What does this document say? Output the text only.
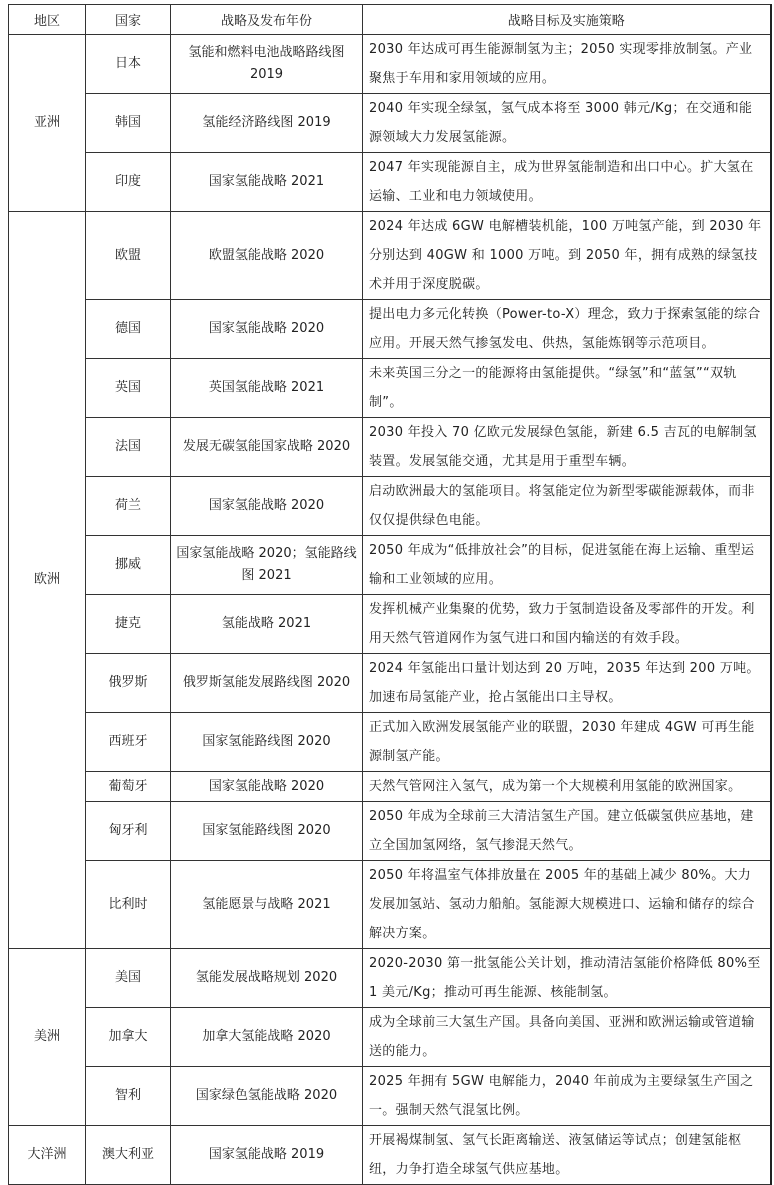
地区	国家	战略及发布年份	战略目标及实施策略
亚洲	日本	氢能和燃料电池战略路线图 2019	2030 年达成可再生能源制氢为主；2050 实现零排放制氢。产业聚焦于车用和家用领域的应用。
	韩国	氢能经济路线图 2019	2040 年实现全绿氢，氢气成本将至 3000 韩元/Kg；在交通和能源领域大力发展氢能源。
	印度	国家氢能战略 2021	2047 年实现能源自主，成为世界氢能制造和出口中心。扩大氢在运输、工业和电力领域使用。
欧洲	欧盟	欧盟氢能战略 2020	2024 年达成 6GW 电解槽装机能，100 万吨氢产能，到 2030 年分别达到 40GW 和 1000 万吨。到 2050 年，拥有成熟的绿氢技术并用于深度脱碳。
	德国	国家氢能战略 2020	提出电力多元化转换（Power-to-X）理念，致力于探索氢能的综合应用。开展天然气掺氢发电、供热，氢能炼钢等示范项目。
	英国	英国氢能战略 2021	未来英国三分之一的能源将由氢能提供。“绿氢”和“蓝氢”“双轨制”。
	法国	发展无碳氢能国家战略 2020	2030 年投入 70 亿欧元发展绿色氢能，新建 6.5 吉瓦的电解制氢装置。发展氢能交通，尤其是用于重型车辆。
	荷兰	国家氢能战略 2020	启动欧洲最大的氢能项目。将氢能定位为新型零碳能源载体，而非仅仅提供绿色电能。
	挪威	国家氢能战略 2020；氢能路线图 2021	2050 年成为“低排放社会”的目标，促进氢能在海上运输、重型运输和工业领域的应用。
	捷克	氢能战略 2021	发挥机械产业集聚的优势，致力于氢制造设备及零部件的开发。利用天然气管道网作为氢气进口和国内输送的有效手段。
	俄罗斯	俄罗斯氢能发展路线图 2020	2024 年氢能出口量计划达到 20 万吨，2035 年达到 200 万吨。加速布局氢能产业，抢占氢能出口主导权。
	西班牙	国家氢能路线图 2020	正式加入欧洲发展氢能产业的联盟，2030 年建成 4GW 可再生能源制氢产能。
	葡萄牙	国家氢能战略 2020	天然气管网注入氢气，成为第一个大规模利用氢能的欧洲国家。
	匈牙利	国家氢能路线图 2020	2050 年成为全球前三大清洁氢生产国。建立低碳氢供应基地，建立全国加氢网络，氢气掺混天然气。
	比利时	氢能愿景与战略 2021	2050 年将温室气体排放量在 2005 年的基础上减少 80%。大力发展加氢站、氢动力船舶。氢能源大规模进口、运输和储存的综合解决方案。
美洲	美国	氢能发展战略规划 2020	2020-2030 第一批氢能公关计划，推动清洁氢能价格降低 80%至 1 美元/Kg；推动可再生能源、核能制氢。
	加拿大	加拿大氢能战略 2020	成为全球前三大氢生产国。具备向美国、亚洲和欧洲运输或管道输送的能力。
	智利	国家绿色氢能战略 2020	2025 年拥有 5GW 电解能力，2040 年前成为主要绿氢生产国之一。强制天然气混氢比例。
大洋洲	澳大利亚	国家氢能战略 2019	开展褐煤制氢、氢气长距离输送、液氢储运等试点；创建氢能枢纽，力争打造全球氢气供应基地。
